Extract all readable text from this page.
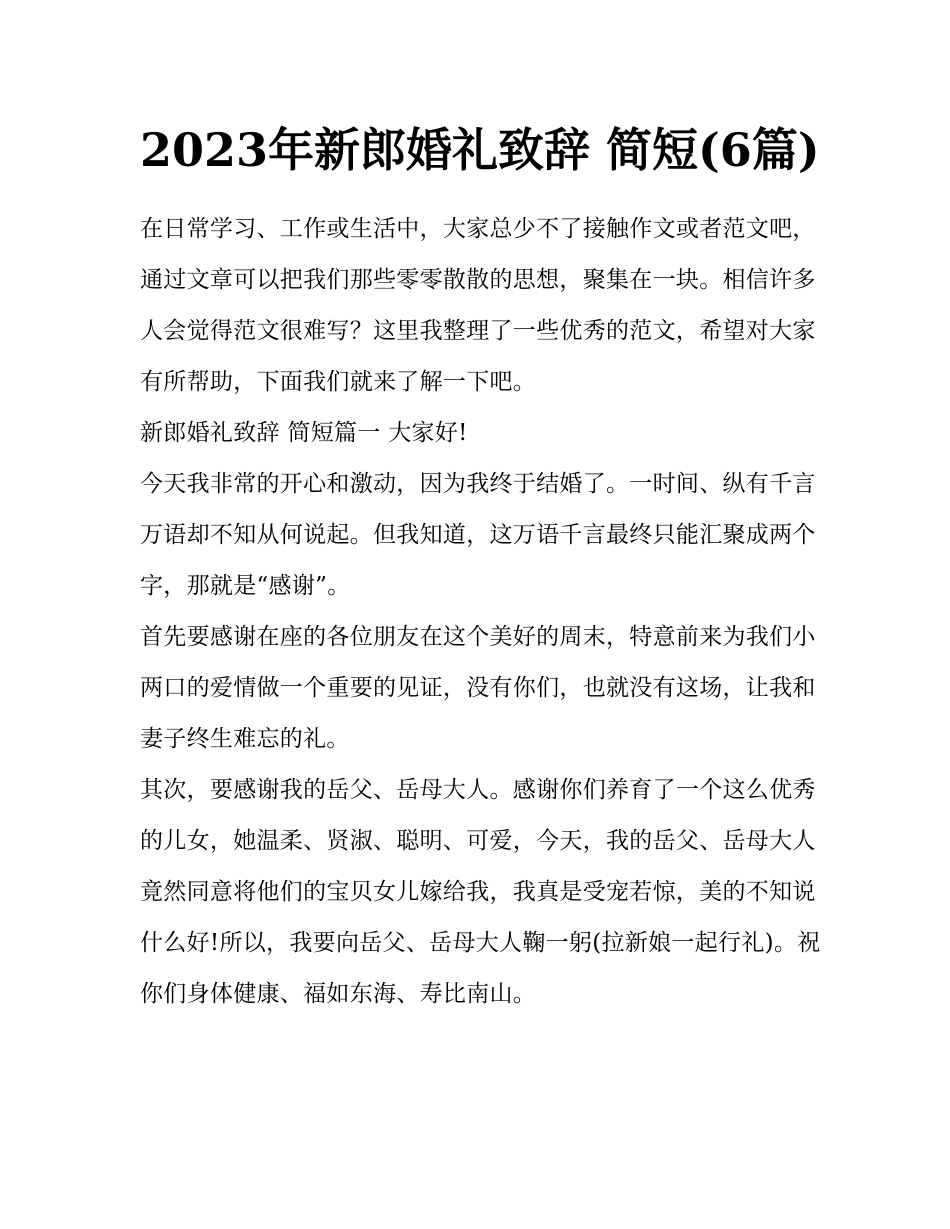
2023年新郎婚礼致辞 简短(6篇)

在日常学习、工作或生活中，大家总少不了接触作文或者范文吧，通过文章可以把我们那些零零散散的思想，聚集在一块。相信许多人会觉得范文很难写？这里我整理了一些优秀的范文，希望对大家有所帮助，下面我们就来了解一下吧。

新郎婚礼致辞 简短篇一 大家好!

今天我非常的开心和激动，因为我终于结婚了。一时间、纵有千言万语却不知从何说起。但我知道，这万语千言最终只能汇聚成两个字，那就是“感谢”。

首先要感谢在座的各位朋友在这个美好的周末，特意前来为我们小两口的爱情做一个重要的见证，没有你们，也就没有这场，让我和妻子终生难忘的礼。

其次，要感谢我的岳父、岳母大人。感谢你们养育了一个这么优秀的儿女，她温柔、贤淑、聪明、可爱，今天，我的岳父、岳母大人竟然同意将他们的宝贝女儿嫁给我，我真是受宠若惊，美的不知说什么好!所以，我要向岳父、岳母大人鞠一躬(拉新娘一起行礼)。祝你们身体健康、福如东海、寿比南山。
